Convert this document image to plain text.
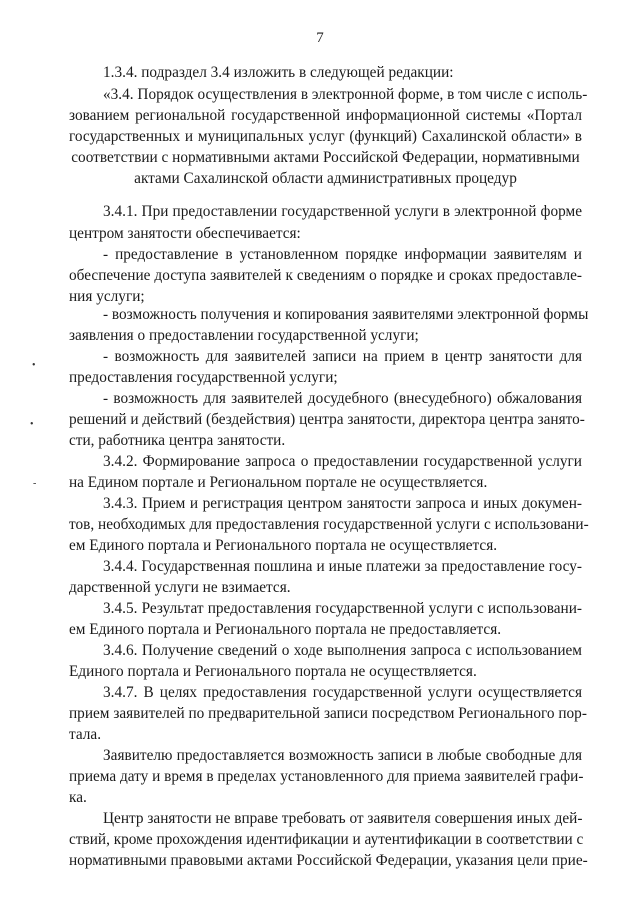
7
•
•
-
1.3.4. подраздел 3.4 изложить в следующей редакции:
«3.4. Порядок осуществления в электронной форме, в том числе с исполь-
зованием региональной государственной информационной системы «Портал
государственных и муниципальных услуг (функций) Сахалинской области» в
соответствии с нормативными актами Российской Федерации, нормативными
актами Сахалинской области административных процедур
3.4.1. При предоставлении государственной услуги в электронной форме
центром занятости обеспечивается:
- предоставление в установленном порядке информации заявителям и
обеспечение доступа заявителей к сведениям о порядке и сроках предоставле-
ния услуги;
- возможность получения и копирования заявителями электронной формы
заявления о предоставлении государственной услуги;
- возможность для заявителей записи на прием в центр занятости для
предоставления государственной услуги;
- возможность для заявителей досудебного (внесудебного) обжалования
решений и действий (бездействия) центра занятости, директора центра занято-
сти, работника центра занятости.
3.4.2. Формирование запроса о предоставлении государственной услуги
на Едином портале и Региональном портале не осуществляется.
3.4.3. Прием и регистрация центром занятости запроса и иных докумен-
тов, необходимых для предоставления государственной услуги с использовани-
ем Единого портала и Регионального портала не осуществляется.
3.4.4. Государственная пошлина и иные платежи за предоставление госу-
дарственной услуги не взимается.
3.4.5. Результат предоставления государственной услуги с использовани-
ем Единого портала и Регионального портала не предоставляется.
3.4.6. Получение сведений о ходе выполнения запроса с использованием
Единого портала и Регионального портала не осуществляется.
3.4.7. В целях предоставления государственной услуги осуществляется
прием заявителей по предварительной записи посредством Регионального пор-
тала.
Заявителю предоставляется возможность записи в любые свободные для
приема дату и время в пределах установленного для приема заявителей графи-
ка.
Центр занятости не вправе требовать от заявителя совершения иных дей-
ствий, кроме прохождения идентификации и аутентификации в соответствии с
нормативными правовыми актами Российской Федерации, указания цели прие-
